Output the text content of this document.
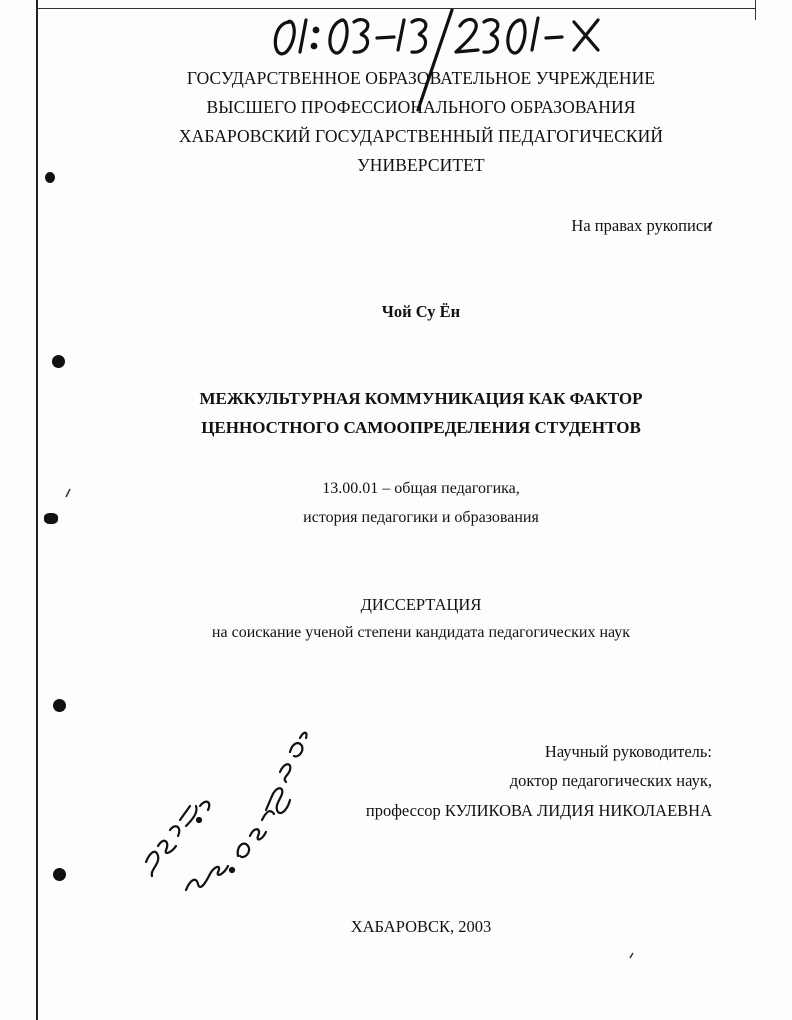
ГОСУДАРСТВЕННОЕ ОБРАЗОВАТЕЛЬНОЕ УЧРЕЖДЕНИЕ
ВЫСШЕГО ПРОФЕССИОНАЛЬНОГО ОБРАЗОВАНИЯ
ХАБАРОВСКИЙ ГОСУДАРСТВЕННЫЙ ПЕДАГОГИЧЕСКИЙ
УНИВЕРСИТЕТ
На правах рукописи
Чой Су Ён
МЕЖКУЛЬТУРНАЯ КОММУНИКАЦИЯ КАК ФАКТОР
ЦЕННОСТНОГО САМООПРЕДЕЛЕНИЯ СТУДЕНТОВ
13.00.01 – общая педагогика,
история педагогики и образования
ДИССЕРТАЦИЯ
на соискание ученой степени кандидата педагогических наук
Научный руководитель:
доктор педагогических наук,
профессор КУЛИКОВА ЛИДИЯ НИКОЛАЕВНА
ХАБАРОВСК, 2003
